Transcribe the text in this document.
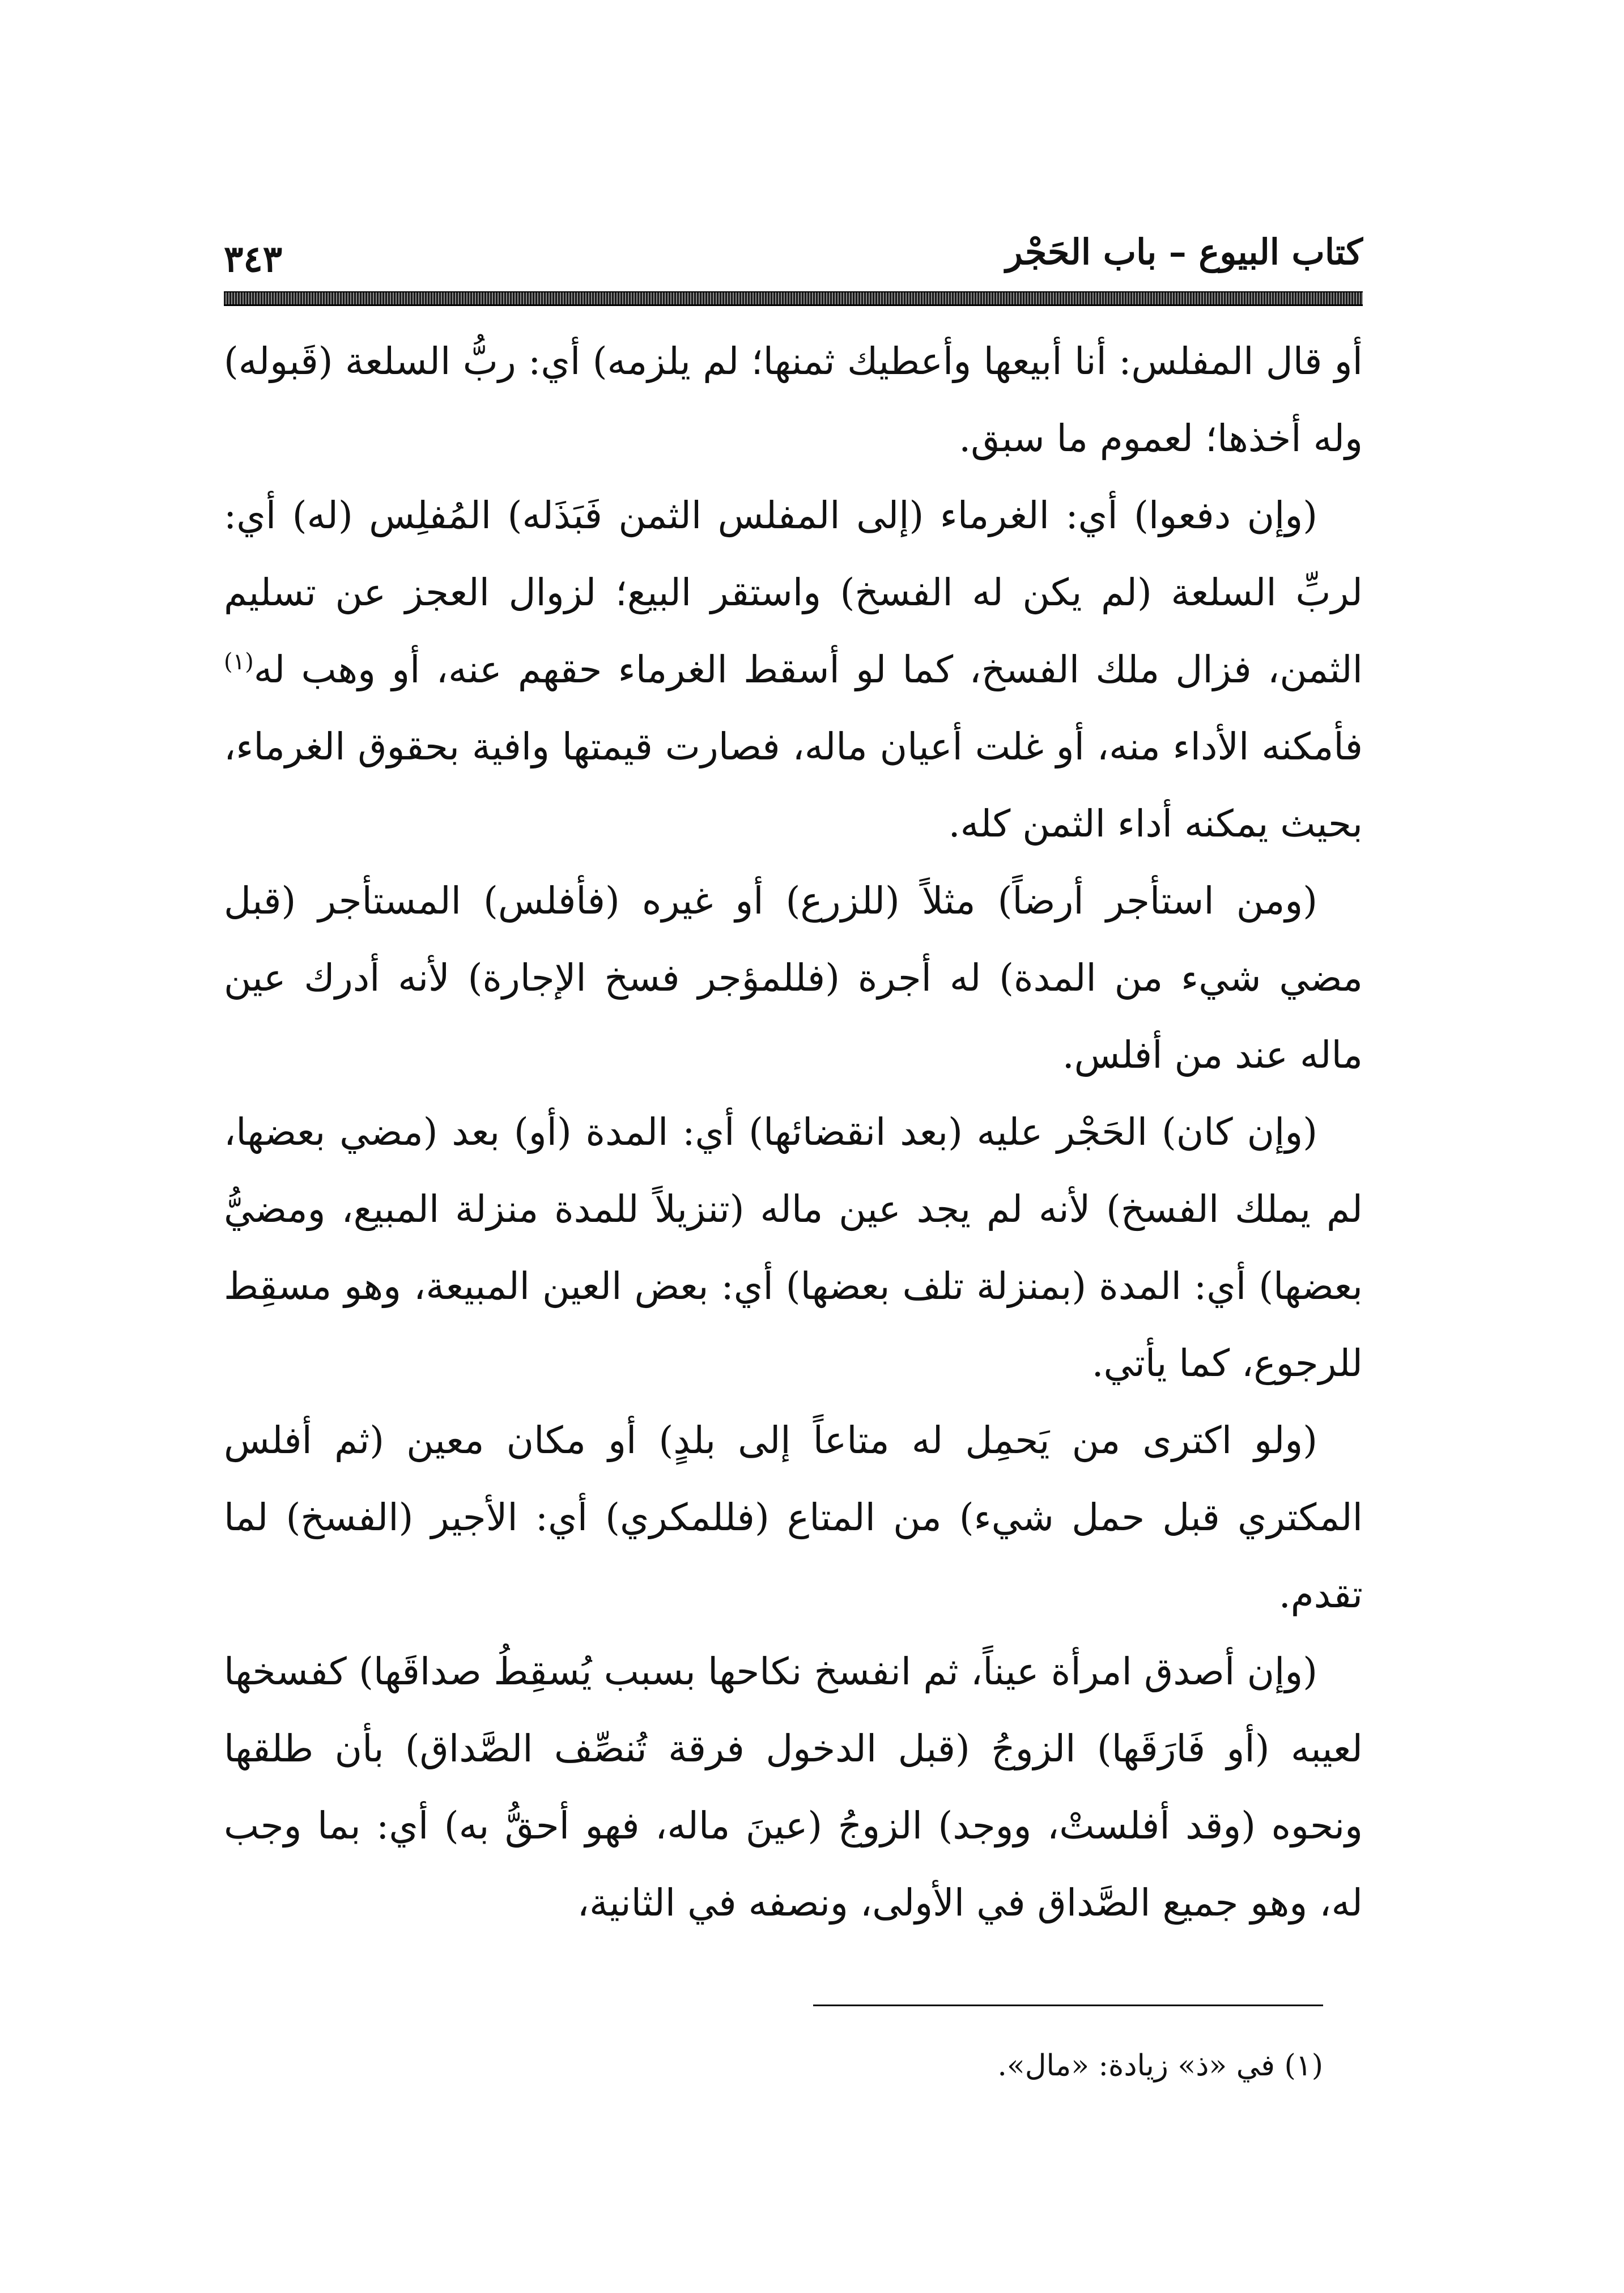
كتاب البيوع – باب الحَجْر
٣٤٣

أو قال المفلس: أنا أبيعها وأعطيك ثمنها؛ لم يلزمه) أي: ربُّ السلعة (قَبوله) وله أخذها؛ لعموم ما سبق.

(وإن دفعوا) أي: الغرماء (إلى المفلس الثمن فَبَذَله) المُفلِس (له) أي: لربِّ السلعة (لم يكن له الفسخ) واستقر البيع؛ لزوال العجز عن تسليم الثمن، فزال ملك الفسخ، كما لو أسقط الغرماء حقهم عنه، أو وهب له$^{(١)}$ فأمكنه الأداء منه، أو غلت أعيان ماله، فصارت قيمتها وافية بحقوق الغرماء، بحيث يمكنه أداء الثمن كله.

(ومن استأجر أرضاً) مثلاً (للزرع) أو غيره (فأفلس) المستأجر (قبل مضي شيء من المدة) له أجرة (فللمؤجر فسخ الإجارة) لأنه أدرك عين ماله عند من أفلس.

(وإن كان) الحَجْر عليه (بعد انقضائها) أي: المدة (أو) بعد (مضي بعضها، لم يملك الفسخ) لأنه لم يجد عين ماله (تنزيلاً للمدة منزلة المبيع، ومضيُّ بعضها) أي: المدة (بمنزلة تلف بعضها) أي: بعض العين المبيعة، وهو مسقِط للرجوع، كما يأتي.

(ولو اكترى من يَحمِل له متاعاً إلى بلدٍ) أو مكان معين (ثم أفلس المكتري قبل حمل شيء) من المتاع (فللمكري) أي: الأجير (الفسخ) لما تقدم.

(وإن أصدق امرأة عيناً، ثم انفسخ نكاحها بسبب يُسقِطُ صداقَها) كفسخها لعيبه (أو فَارَقَها) الزوجُ (قبل الدخول فرقة تُنصِّف الصَّداق) بأن طلقها ونحوه (وقد أفلستْ، ووجد) الزوجُ (عينَ ماله، فهو أحقُّ به) أي: بما وجب له، وهو جميع الصَّداق في الأولى، ونصفه في الثانية،

(١) في «ذ» زيادة: «مال».
